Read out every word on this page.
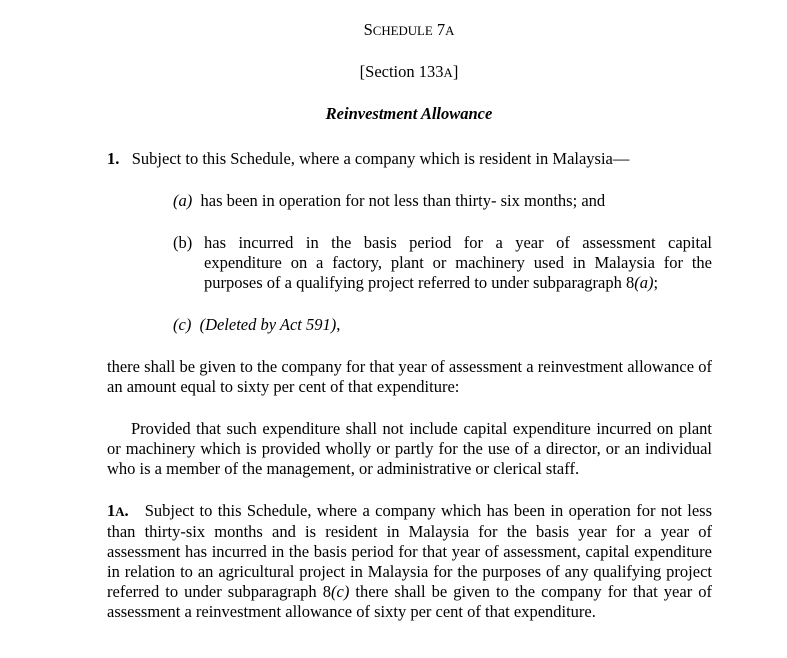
SCHEDULE 7A
[Section 133A]
Reinvestment Allowance
1. Subject to this Schedule, where a company which is resident in Malaysia—
(a) has been in operation for not less than thirty- six months; and
(b) has incurred in the basis period for a year of assessment capital
expenditure on a factory, plant or machinery used in Malaysia for the
purposes of a qualifying project referred to under subparagraph 8(a);
(c) (Deleted by Act 591),
there shall be given to the company for that year of assessment a reinvestment allowance of an amount equal to sixty per cent of that expenditure:
Provided that such expenditure shall not include capital expenditure incurred on plant or machinery which is provided wholly or partly for the use of a director, or an individual who is a member of the management, or administrative or clerical staff.
1A. Subject to this Schedule, where a company which has been in operation for not less than thirty-six months and is resident in Malaysia for the basis year for a year of assessment has incurred in the basis period for that year of assessment, capital expenditure in relation to an agricultural project in Malaysia for the purposes of any qualifying project referred to under subparagraph 8(c) there shall be given to the company for that year of assessment a reinvestment allowance of sixty per cent of that expenditure.
